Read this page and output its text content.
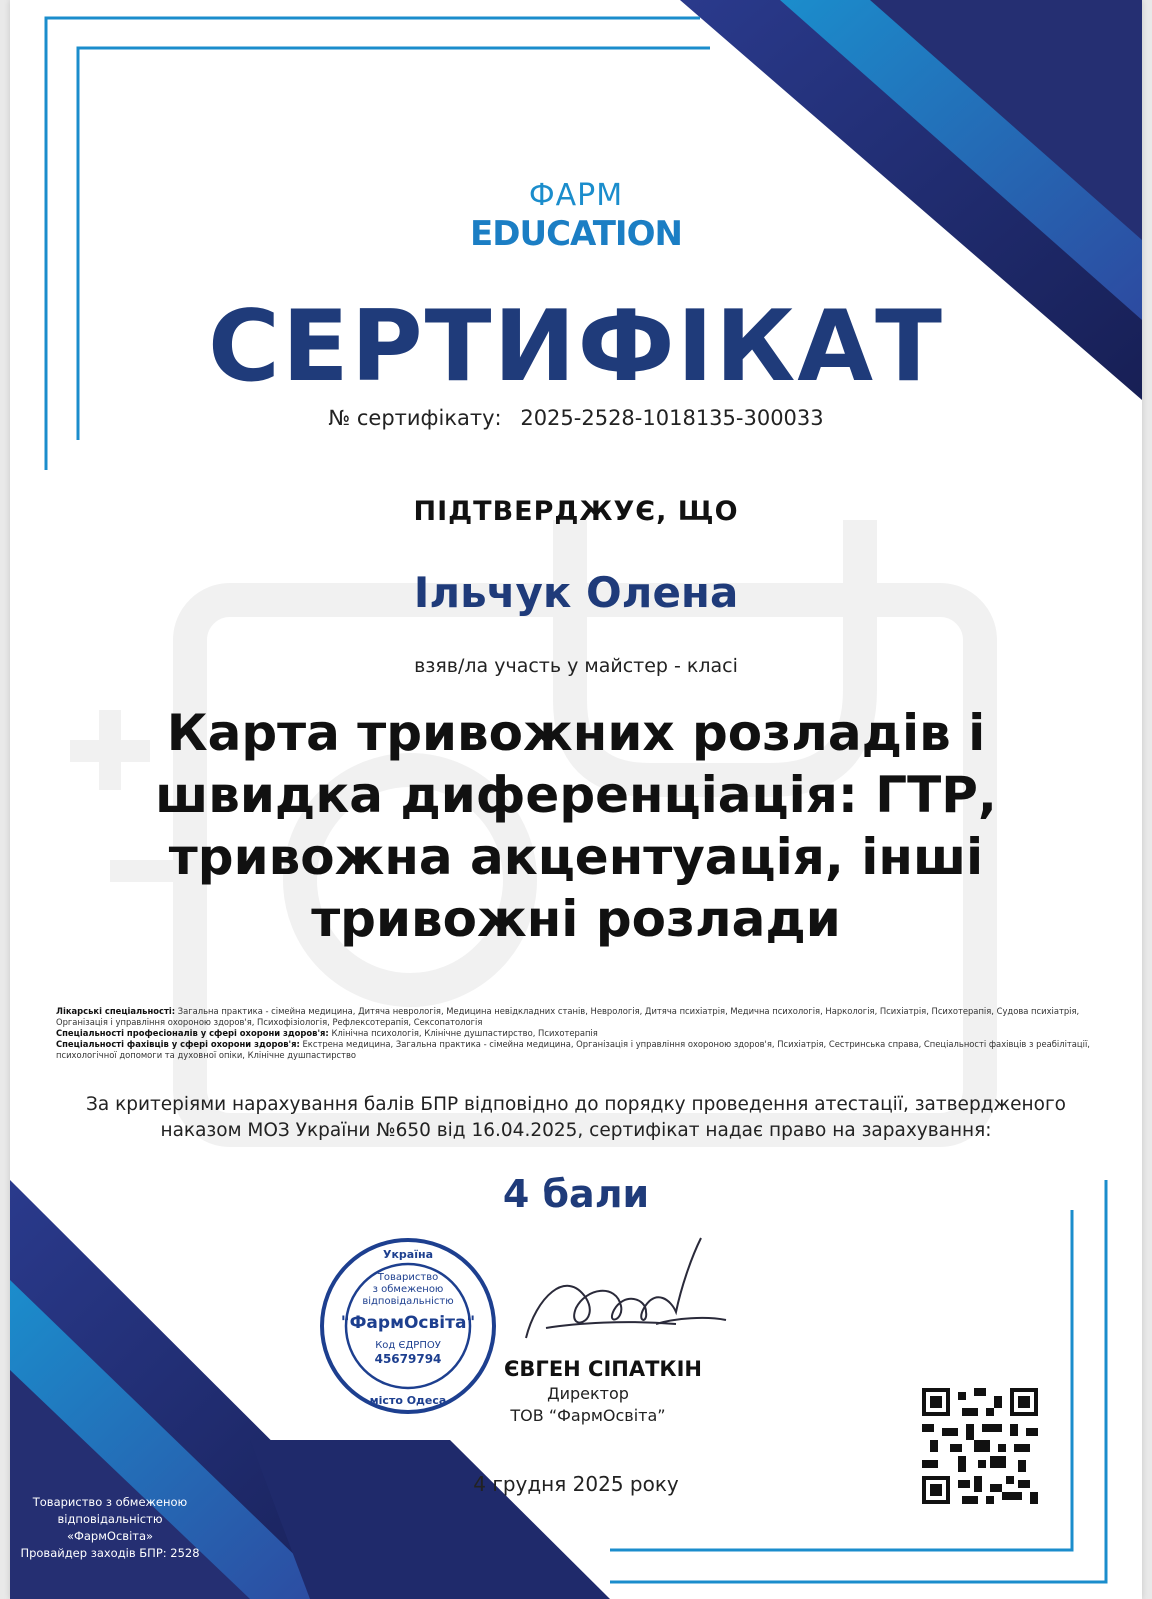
ФАРМ
EDUCATION
СЕРТИФІКАТ
№ сертифікату: 2025-2528-1018135-300033
ПІДТВЕРДЖУЄ, ЩО
Ільчук Олена
взяв/ла участь у майстер - класі
Карта тривожних розладів і швидка диференціація: ГТР, тривожна акцентуація, інші тривожні розлади
Лікарські спеціальності: Загальна практика - сімейна медицина, Дитяча неврологія, Медицина невідкладних станів, Неврологія, Дитяча психіатрія, Медична психологія, Наркологія, Психіатрія, Психотерапія, Судова психіатрія, Організація і управління охороною здоров'я, Психофізіологія, Рефлексотерапія, Сексопатологія
Спеціальності професіоналів у сфері охорони здоров'я: Клінічна психологія, Клінічне душпастирство, Психотерапія
Спеціальності фахівців у сфері охорони здоров'я: Екстрена медицина, Загальна практика - сімейна медицина, Організація і управління охороною здоров'я, Психіатрія, Сестринська справа, Спеціальності фахівців з реабілітації, психологічної допомоги та духовної опіки, Клінічне душпастирство
За критеріями нарахування балів БПР відповідно до порядку проведення атестації, затвердженого наказом МОЗ України №650 від 16.04.2025, сертифікат надає право на зарахування:
4 бали
Україна
Товариство
з обмеженою
відповідальністю
"ФармОсвіта"
Код ЄДРПОУ
45679794
місто Одеса
ЄВГЕН СІПАТКІН
Директор
ТОВ “ФармОсвіта”
4 грудня 2025 року
Товариство з обмеженою
відповідальністю
«ФармОсвіта»
Провайдер заходів БПР: 2528
